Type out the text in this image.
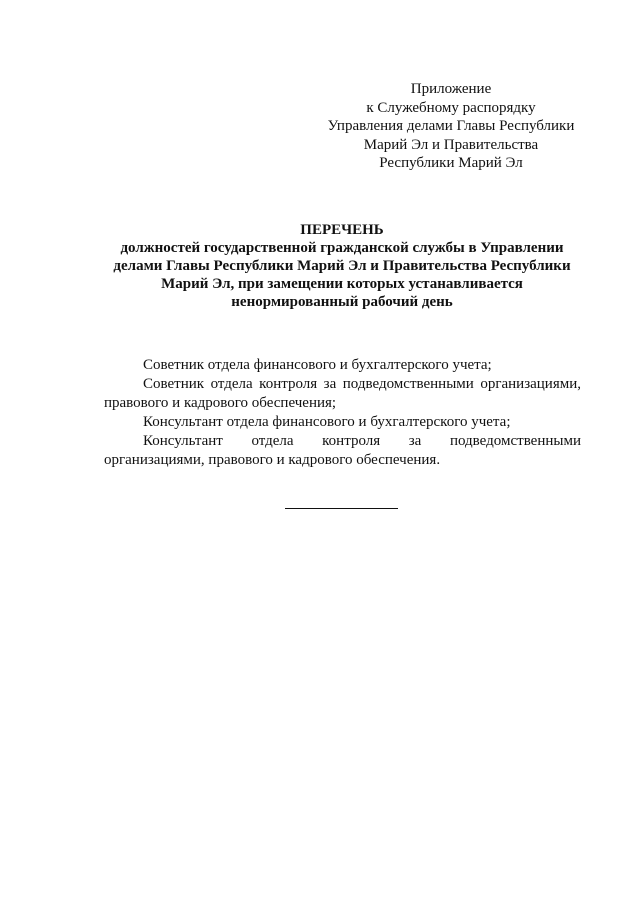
Приложение
к Служебному распорядку
Управления делами Главы Республики
Марий Эл и Правительства
Республики Марий Эл
ПЕРЕЧЕНЬ
должностей государственной гражданской службы в Управлении
делами Главы Республики Марий Эл и Правительства Республики
Марий Эл, при замещении которых устанавливается
ненормированный рабочий день

Советник отдела финансового и бухгалтерского учета;

Советник отдела контроля за подведомственными организациями, правового и кадрового обеспечения;

Консультант отдела финансового и бухгалтерского учета;

Консультант отдела контроля за подведомственными организациями, правового и кадрового обеспечения.
